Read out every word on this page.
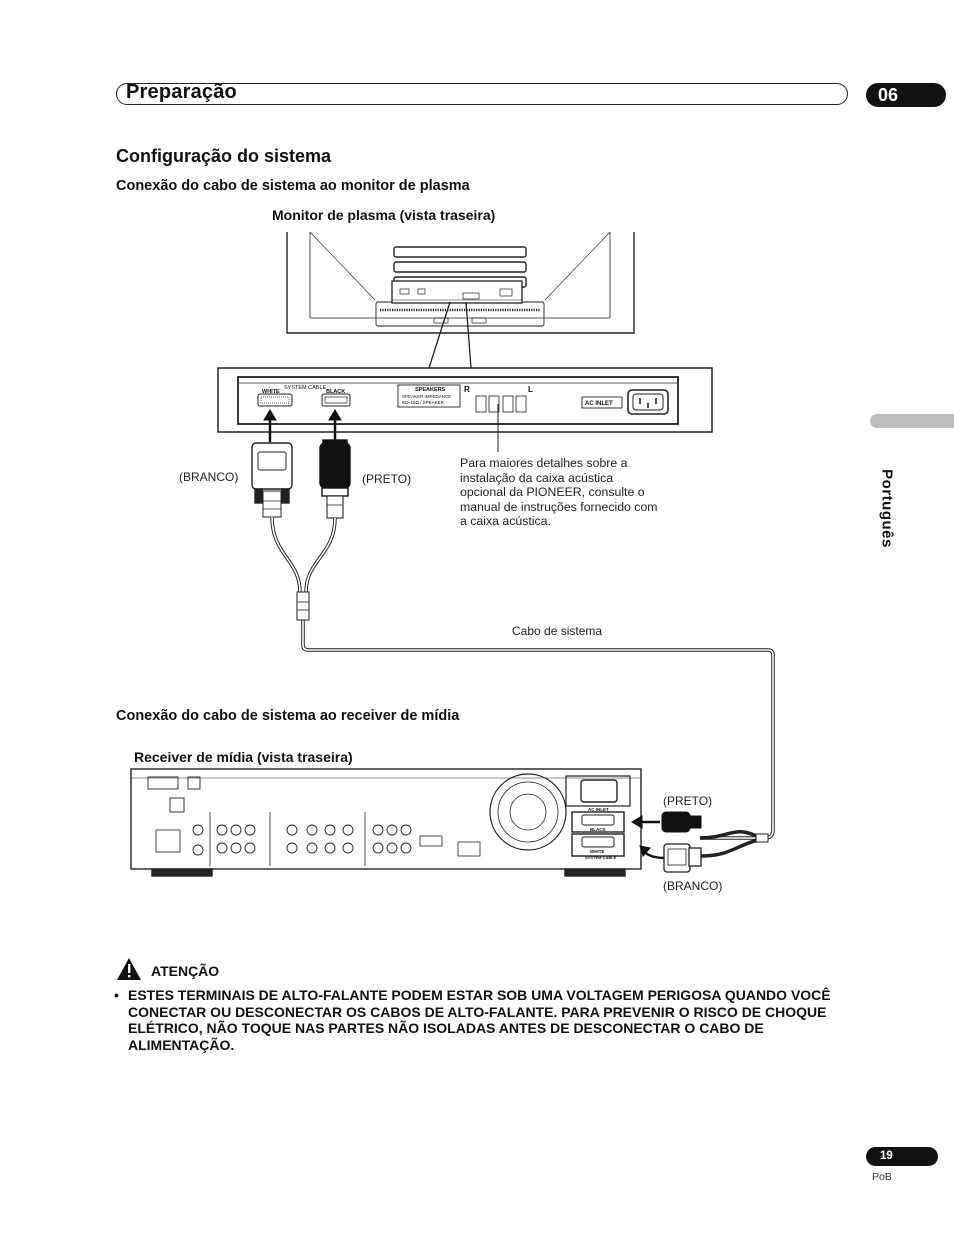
Preparação	06
Português
Configuração do sistema
Conexão do cabo de sistema ao monitor de plasma
Monitor de plasma (vista traseira)
Conexão do cabo de sistema ao receiver de mídia
Receiver de mídia (vista traseira)
SYSTEM CABLE
WHITE	BLACK	SPEAKERS
SPEAKER IMPEDANCE
8Ω~16Ω / SPEAKER
R	L
AC INLET
AC INLET
BLACK
WHITE
SYSTEM CABLE
(BRANCO)	(PRETO)
Para maiores detalhes sobre a instalação da caixa acústica opcional da PIONEER, consulte o manual de instruções fornecido com a caixa acústica.
Cabo de sistema
(PRETO)
(BRANCO)
ATENÇÃO
• ESTES TERMINAIS DE ALTO-FALANTE PODEM ESTAR SOB UMA VOLTAGEM PERIGOSA QUANDO VOCÊ CONECTAR OU DESCONECTAR OS CABOS DE ALTO-FALANTE. PARA PREVENIR O RISCO DE CHOQUE ELÉTRICO, NÃO TOQUE NAS PARTES NÃO ISOLADAS ANTES DE DESCONECTAR O CABO DE ALIMENTAÇÃO.
19
PoB
